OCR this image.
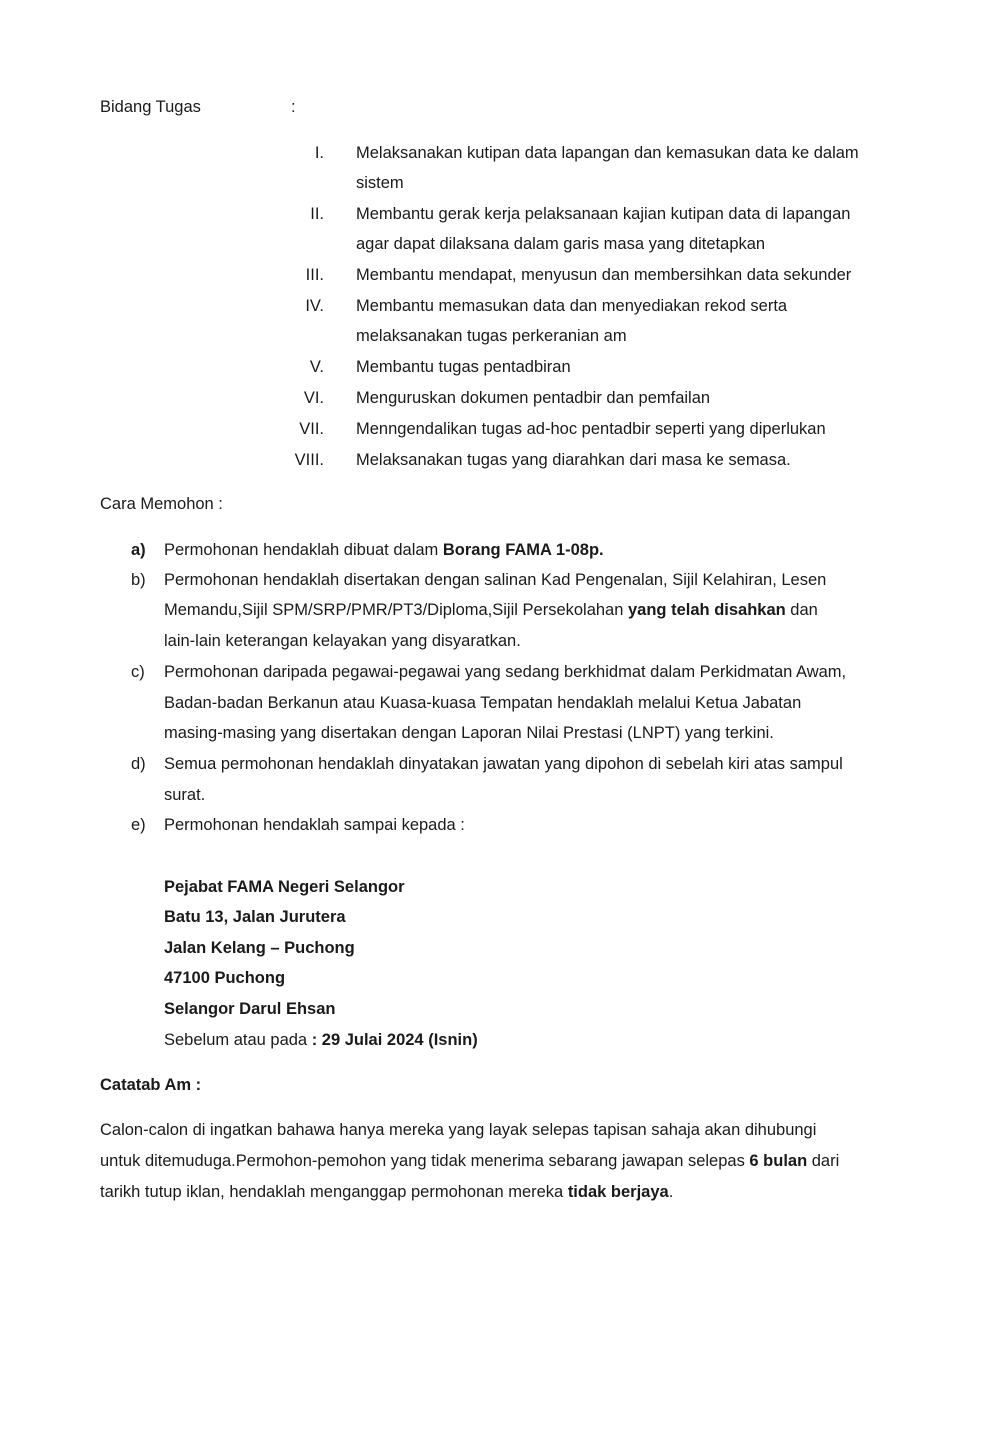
Bidang Tugas	:
I. Melaksanakan kutipan data lapangan dan kemasukan data ke dalam
sistem
II. Membantu gerak kerja pelaksanaan kajian kutipan data di lapangan
agar dapat dilaksana dalam garis masa yang ditetapkan
III. Membantu mendapat, menyusun dan membersihkan data sekunder
IV. Membantu memasukan data dan menyediakan rekod serta
melaksanakan tugas perkeranian am
V. Membantu tugas pentadbiran
VI. Menguruskan dokumen pentadbir dan pemfailan
VII. Menngendalikan tugas ad-hoc pentadbir seperti yang diperlukan
VIII. Melaksanakan tugas yang diarahkan dari masa ke semasa.
Cara Memohon :
a) Permohonan hendaklah dibuat dalam Borang FAMA 1-08p.
b) Permohonan hendaklah disertakan dengan salinan Kad Pengenalan, Sijil Kelahiran, Lesen
Memandu,Sijil SPM/SRP/PMR/PT3/Diploma,Sijil Persekolahan yang telah disahkan dan
lain-lain keterangan kelayakan yang disyaratkan.
c) Permohonan daripada pegawai-pegawai yang sedang berkhidmat dalam Perkidmatan Awam,
Badan-badan Berkanun atau Kuasa-kuasa Tempatan hendaklah melalui Ketua Jabatan
masing-masing yang disertakan dengan Laporan Nilai Prestasi (LNPT) yang terkini.
d) Semua permohonan hendaklah dinyatakan jawatan yang dipohon di sebelah kiri atas sampul
surat.
e) Permohonan hendaklah sampai kepada :
Pejabat FAMA Negeri Selangor
Batu 13, Jalan Jurutera
Jalan Kelang – Puchong
47100 Puchong
Selangor Darul Ehsan
Sebelum atau pada : 29 Julai 2024 (Isnin)
Catatab Am :
Calon-calon di ingatkan bahawa hanya mereka yang layak selepas tapisan sahaja akan dihubungi
untuk ditemuduga.Permohon-pemohon yang tidak menerima sebarang jawapan selepas 6 bulan dari
tarikh tutup iklan, hendaklah menganggap permohonan mereka tidak berjaya.
